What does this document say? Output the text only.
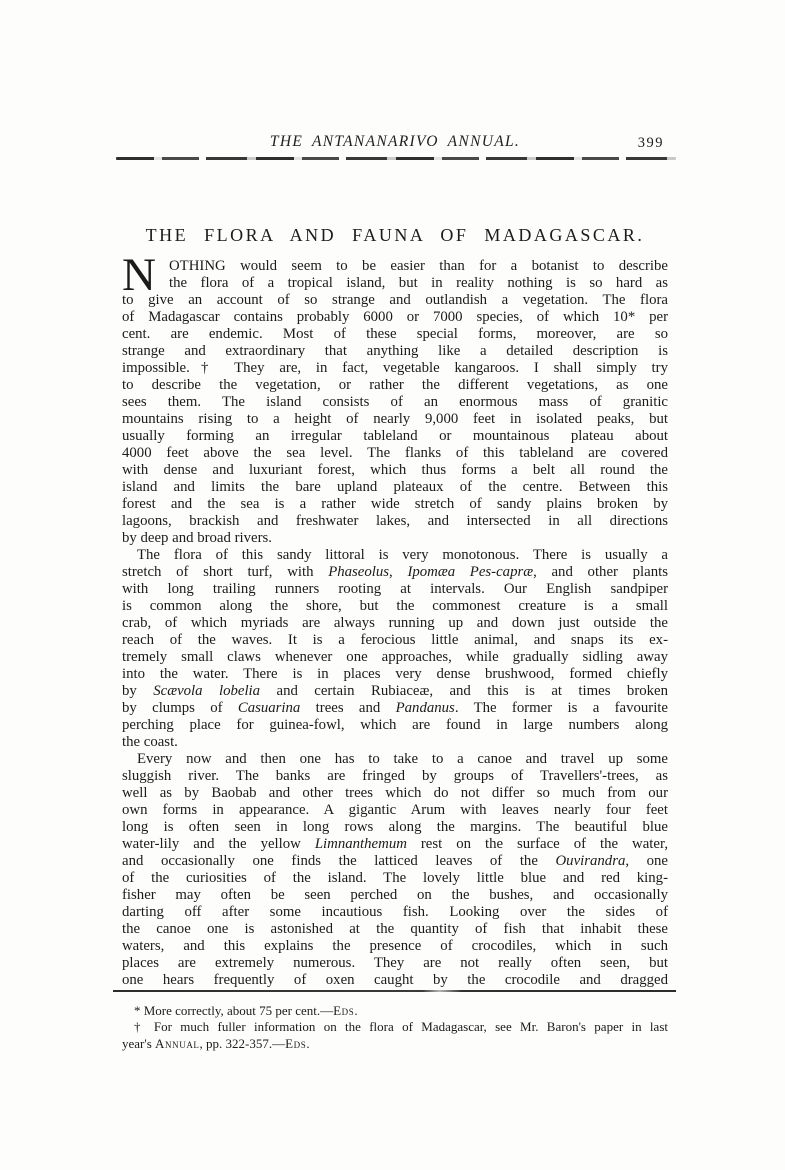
THE ANTANANARIVO ANNUAL.	399
THE FLORA AND FAUNA OF MADAGASCAR.
N OTHING would seem to be easier than for a botanist to describe
the flora of a tropical island, but in reality nothing is so hard as
to give an account of so strange and outlandish a vegetation. The flora
of Madagascar contains probably 6000 or 7000 species, of which 10* per
cent. are endemic. Most of these special forms, moreover, are so
strange and extraordinary that anything like a detailed description is
impossible.† They are, in fact, vegetable kangaroos. I shall simply try
to describe the vegetation, or rather the different vegetations, as one
sees them. The island consists of an enormous mass of granitic
mountains rising to a height of nearly 9,000 feet in isolated peaks, but
usually forming an irregular tableland or mountainous plateau about
4000 feet above the sea level. The flanks of this tableland are covered
with dense and luxuriant forest, which thus forms a belt all round the
island and limits the bare upland plateaux of the centre. Between this
forest and the sea is a rather wide stretch of sandy plains broken by
lagoons, brackish and freshwater lakes, and intersected in all directions
by deep and broad rivers.
The flora of this sandy littoral is very monotonous. There is usually a
stretch of short turf, with Phaseolus, Ipomæa Pes-capræ, and other plants
with long trailing runners rooting at intervals. Our English sandpiper
is common along the shore, but the commonest creature is a small
crab, of which myriads are always running up and down just outside the
reach of the waves. It is a ferocious little animal, and snaps its ex-
tremely small claws whenever one approaches, while gradually sidling away
into the water. There is in places very dense brushwood, formed chiefly
by Scævola lobelia and certain Rubiaceæ, and this is at times broken
by clumps of Casuarina trees and Pandanus. The former is a favourite
perching place for guinea-fowl, which are found in large numbers along
the coast.
Every now and then one has to take to a canoe and travel up some
sluggish river. The banks are fringed by groups of Travellers'-trees, as
well as by Baobab and other trees which do not differ so much from our
own forms in appearance. A gigantic Arum with leaves nearly four feet
long is often seen in long rows along the margins. The beautiful blue
water-lily and the yellow Limnanthemum rest on the surface of the water,
and occasionally one finds the latticed leaves of the Ouvirandra, one
of the curiosities of the island. The lovely little blue and red king-
fisher may often be seen perched on the bushes, and occasionally
darting off after some incautious fish. Looking over the sides of
the canoe one is astonished at the quantity of fish that inhabit these
waters, and this explains the presence of crocodiles, which in such
places are extremely numerous. They are not really often seen, but
one hears frequently of oxen caught by the crocodile and dragged
* More correctly, about 75 per cent.—Eds.
† For much fuller information on the flora of Madagascar, see Mr. Baron's paper in last
year's Annual, pp. 322-357.—Eds.
